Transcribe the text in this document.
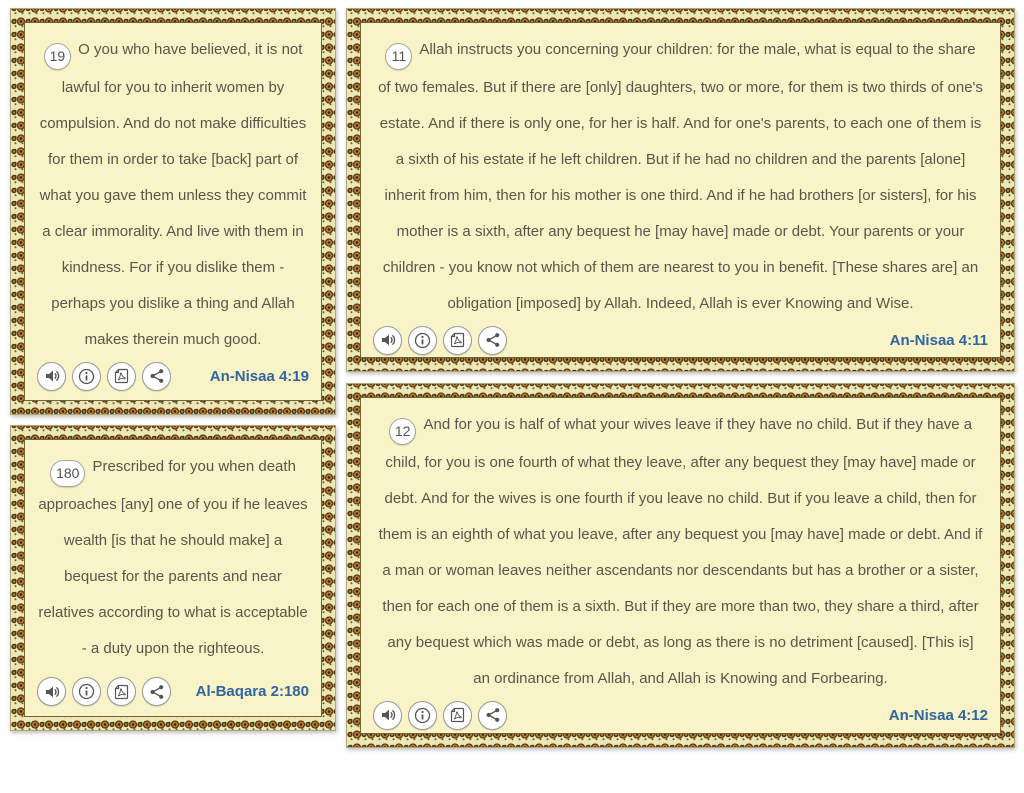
19 O you who have believed, it is not lawful for you to inherit women by compulsion. And do not make difficulties for them in order to take [back] part of what you gave them unless they commit a clear immorality. And live with them in kindness. For if you dislike them - perhaps you dislike a thing and Allah makes therein much good.
An-Nisaa 4:19
180 Prescribed for you when death approaches [any] one of you if he leaves wealth [is that he should make] a bequest for the parents and near relatives according to what is acceptable - a duty upon the righteous.
Al-Baqara 2:180
11 Allah instructs you concerning your children: for the male, what is equal to the share of two females. But if there are [only] daughters, two or more, for them is two thirds of one's estate. And if there is only one, for her is half. And for one's parents, to each one of them is a sixth of his estate if he left children. But if he had no children and the parents [alone] inherit from him, then for his mother is one third. And if he had brothers [or sisters], for his mother is a sixth, after any bequest he [may have] made or debt. Your parents or your children - you know not which of them are nearest to you in benefit. [These shares are] an obligation [imposed] by Allah. Indeed, Allah is ever Knowing and Wise.
An-Nisaa 4:11
12 And for you is half of what your wives leave if they have no child. But if they have a child, for you is one fourth of what they leave, after any bequest they [may have] made or debt. And for the wives is one fourth if you leave no child. But if you leave a child, then for them is an eighth of what you leave, after any bequest you [may have] made or debt. And if a man or woman leaves neither ascendants nor descendants but has a brother or a sister, then for each one of them is a sixth. But if they are more than two, they share a third, after any bequest which was made or debt, as long as there is no detriment [caused]. [This is] an ordinance from Allah, and Allah is Knowing and Forbearing.
An-Nisaa 4:12
